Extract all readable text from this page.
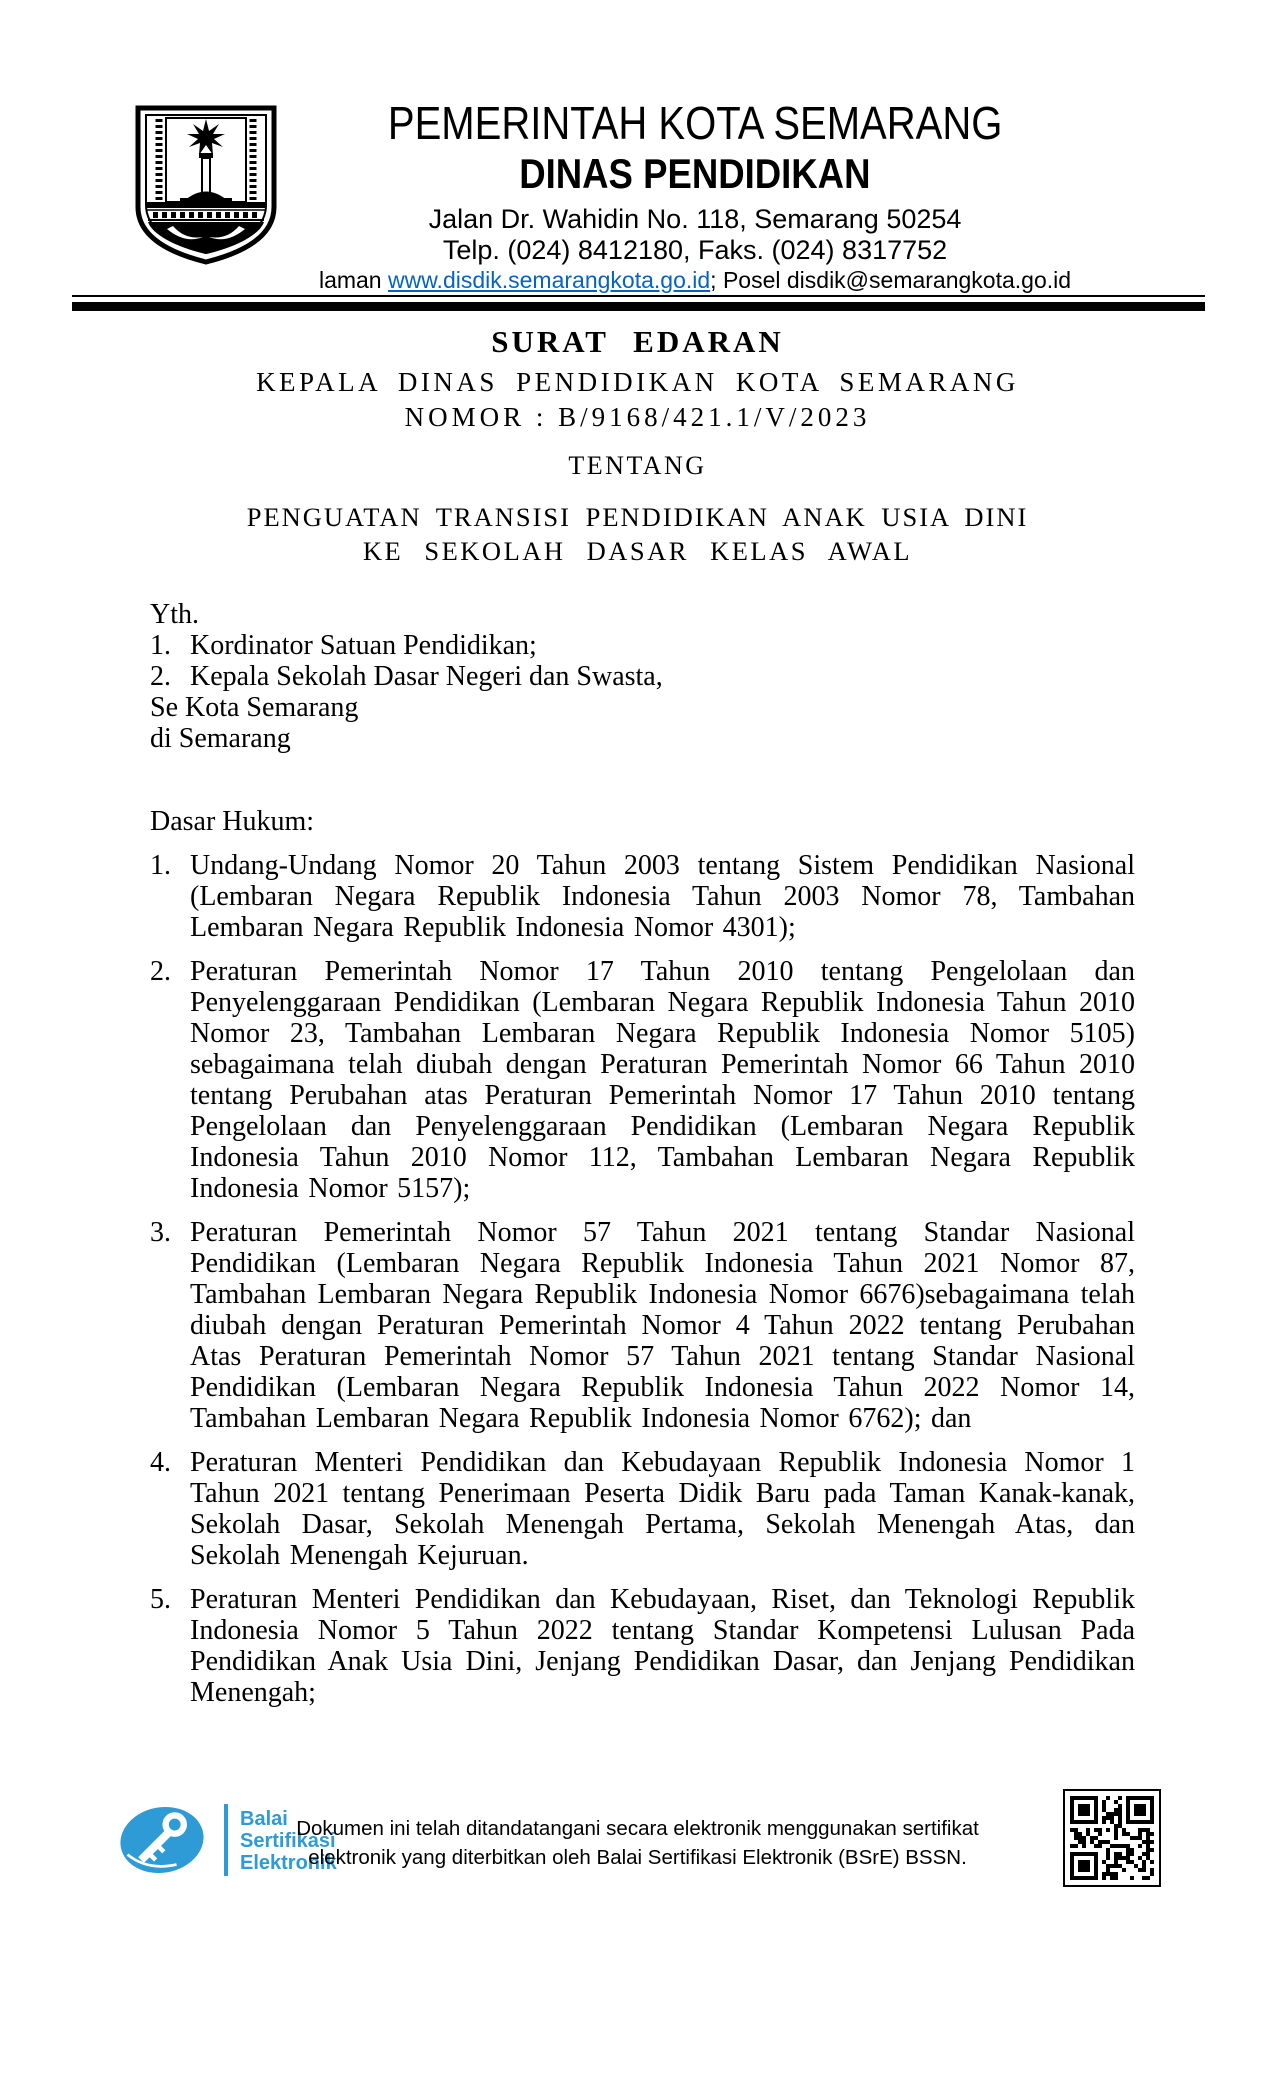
PEMERINTAH KOTA SEMARANG
DINAS PENDIDIKAN
Jalan Dr. Wahidin No. 118, Semarang 50254
Telp. (024) 8412180, Faks. (024) 8317752
laman www.disdik.semarangkota.go.id; Posel disdik@semarangkota.go.id
SURAT EDARAN
KEPALA DINAS PENDIDIKAN KOTA SEMARANG
NOMOR : B/9168/421.1/V/2023
TENTANG
PENGUATAN TRANSISI PENDIDIKAN ANAK USIA DINI
KE SEKOLAH DASAR KELAS AWAL
Yth.
1. Kordinator Satuan Pendidikan;
2. Kepala Sekolah Dasar Negeri dan Swasta,
Se Kota Semarang
di Semarang
Dasar Hukum:
1. Undang-Undang Nomor 20 Tahun 2003 tentang Sistem Pendidikan Nasional (Lembaran Negara Republik Indonesia Tahun 2003 Nomor 78, Tambahan Lembaran Negara Republik Indonesia Nomor 4301);
2. Peraturan Pemerintah Nomor 17 Tahun 2010 tentang Pengelolaan dan Penyelenggaraan Pendidikan (Lembaran Negara Republik Indonesia Tahun 2010 Nomor 23, Tambahan Lembaran Negara Republik Indonesia Nomor 5105) sebagaimana telah diubah dengan Peraturan Pemerintah Nomor 66 Tahun 2010 tentang Perubahan atas Peraturan Pemerintah Nomor 17 Tahun 2010 tentang Pengelolaan dan Penyelenggaraan Pendidikan (Lembaran Negara Republik Indonesia Tahun 2010 Nomor 112, Tambahan Lembaran Negara Republik Indonesia Nomor 5157);
3. Peraturan Pemerintah Nomor 57 Tahun 2021 tentang Standar Nasional Pendidikan (Lembaran Negara Republik Indonesia Tahun 2021 Nomor 87, Tambahan Lembaran Negara Republik Indonesia Nomor 6676)sebagaimana telah diubah dengan Peraturan Pemerintah Nomor 4 Tahun 2022 tentang Perubahan Atas Peraturan Pemerintah Nomor 57 Tahun 2021 tentang Standar Nasional Pendidikan (Lembaran Negara Republik Indonesia Tahun 2022 Nomor 14, Tambahan Lembaran Negara Republik Indonesia Nomor 6762); dan
4. Peraturan Menteri Pendidikan dan Kebudayaan Republik Indonesia Nomor 1 Tahun 2021 tentang Penerimaan Peserta Didik Baru pada Taman Kanak-kanak, Sekolah Dasar, Sekolah Menengah Pertama, Sekolah Menengah Atas, dan Sekolah Menengah Kejuruan.
5. Peraturan Menteri Pendidikan dan Kebudayaan, Riset, dan Teknologi Republik Indonesia Nomor 5 Tahun 2022 tentang Standar Kompetensi Lulusan Pada Pendidikan Anak Usia Dini, Jenjang Pendidikan Dasar, dan Jenjang Pendidikan Menengah;
Balai
Sertifikasi
Elektronik
Dokumen ini telah ditandatangani secara elektronik menggunakan sertifikat
elektronik yang diterbitkan oleh Balai Sertifikasi Elektronik (BSrE) BSSN.
